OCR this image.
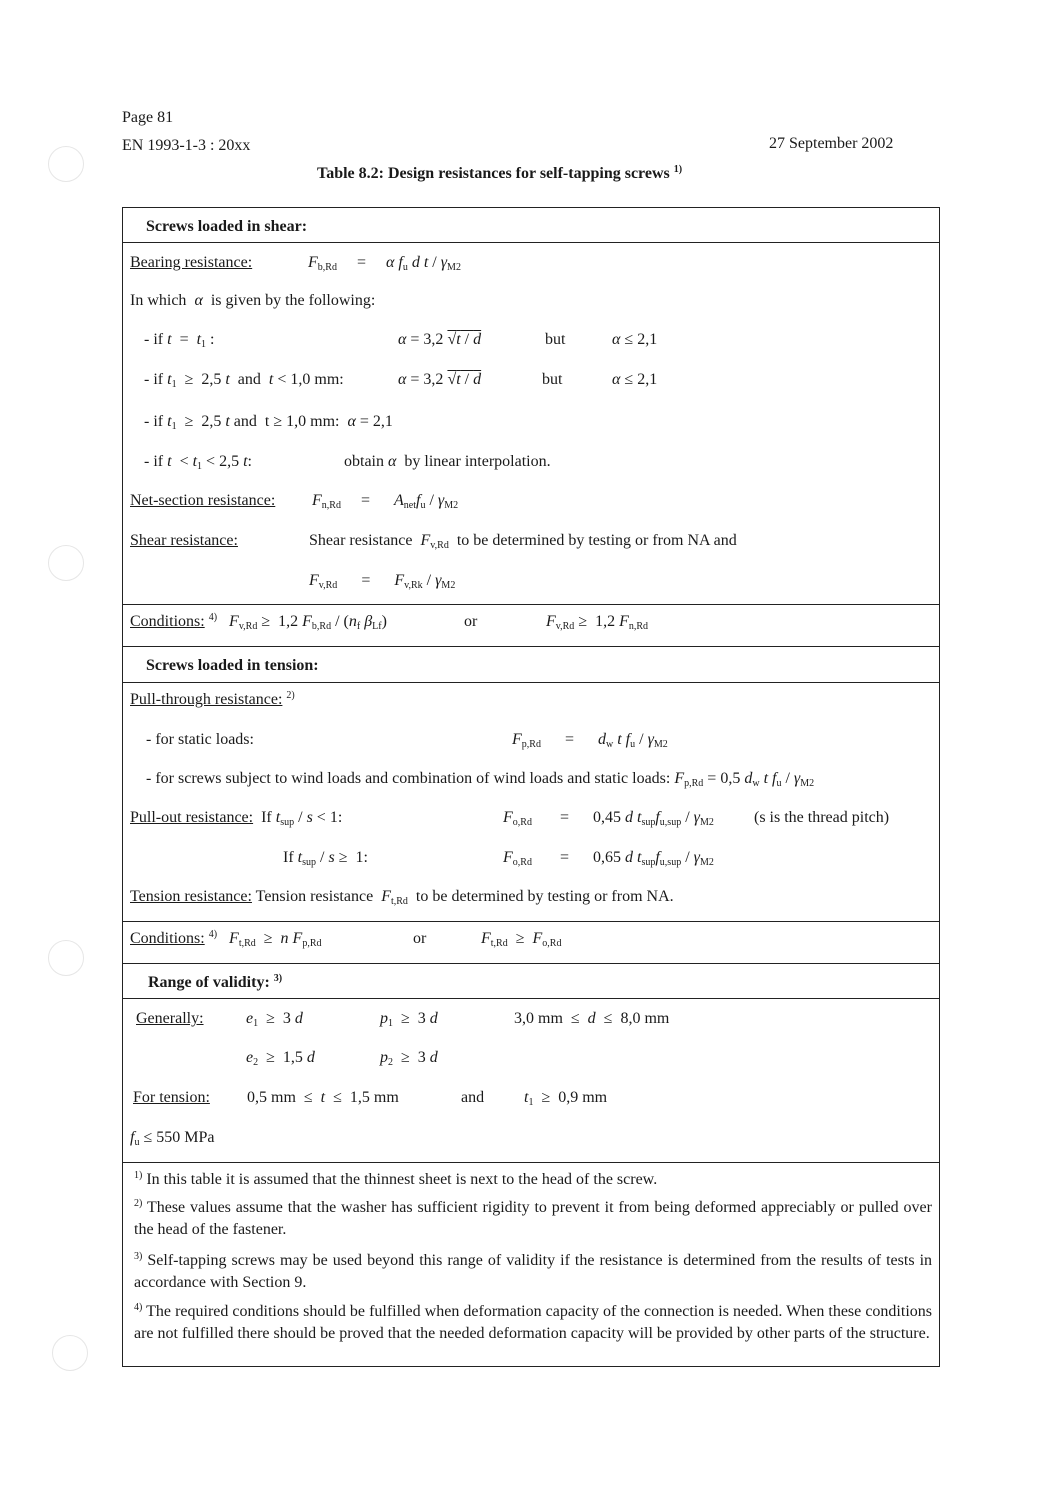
Page 81
EN 1993-1-3 : 20xx	27 September 2002
Table 8.2: Design resistances for self-tapping screws $^{1)}$
Screws loaded in shear:
Bearing resistance:	$F_{b,Rd}$     =     α $f_u$ d t / $\gamma_{M2}$
In which  α  is given by the following:
- if $t = t_1$ :	α = 3,2 √t / d	but	α ≤ 2,1
- if $t_1 \ge 2,5$ t  and  t < 1,0 mm:	α = 3,2 √t / d	but	α ≤ 2,1
- if $t_1 \ge 2,5$ t and  t ≥ 1,0 mm:  α = 2,1
- if $t < t_1 < 2,5$ t:	obtain α  by linear interpolation.
Net-section resistance: $F_{n,Rd}$     =      $A_{net}f_u / \gamma_{M2}$
Shear resistance:	Shear resistance $F_{v,Rd}$ to be determined by testing or from NA and
$F_{v,Rd}$      =      $F_{v,Rk} / \gamma_{M2}$
Conditions: $^{4)}$ $F_{v,Rd} \ge 1,2$ $F_{b,Rd} / (n_f$ $\beta_{Lf}$)	or	$F_{v,Rd} \ge 1,2$ $F_{n,Rd}$
Screws loaded in tension:
Pull-through resistance: $^{2)}$
- for static loads:	$F_{p,Rd}$      =      $d_w$ t $f_u / \gamma_{M2}$
- for screws subject to wind loads and combination of wind loads and static loads: $F_{p,Rd} = 0,5$ $d_w$ t $f_u / \gamma_{M2}$
Pull-out resistance:  If $t_{sup} / s < 1$:	$F_{o,Rd}$       =      0,45 d $t_{sup}f_{u,sup} / \gamma_{M2}$	(s is the thread pitch)
If $t_{sup} / s \ge 1$:	$F_{o,Rd}$       =      0,65 d $t_{sup}f_{u,sup} / \gamma_{M2}$
Tension resistance: Tension resistance $F_{t,Rd}$ to be determined by testing or from NA.
Conditions: $^{4)}$ $F_{t,Rd} \ge n$ $F_{p,Rd}$	or	$F_{t,Rd} \ge F_{o,Rd}$
Range of validity: $^{3)}$
Generally:	$e_1 \ge 3$ d	$p_1 \ge 3$ d	3,0 mm  ≤  d  ≤  8,0 mm
$e_2 \ge 1,5$ d	$p_2 \ge 3$ d
For tension: 0,5 mm  ≤  t  ≤  1,5 mm	and $t_1 \ge 0,9$ mm
$f_u \le 550$ MPa
$^{1)}$ In this table it is assumed that the thinnest sheet is next to the head of the screw.
$^{2)}$ These values assume that the washer has sufficient rigidity to prevent it from being deformed appreciably or pulled over the head of the fastener.
$^{3)}$ Self-tapping screws may be used beyond this range of validity if the resistance is determined from the results of tests in accordance with Section 9.
$^{4)}$ The required conditions should be fulfilled when deformation capacity of the connection is needed. When these conditions are not fulfilled there should be proved that the needed deformation capacity will be provided by other parts of the structure.
